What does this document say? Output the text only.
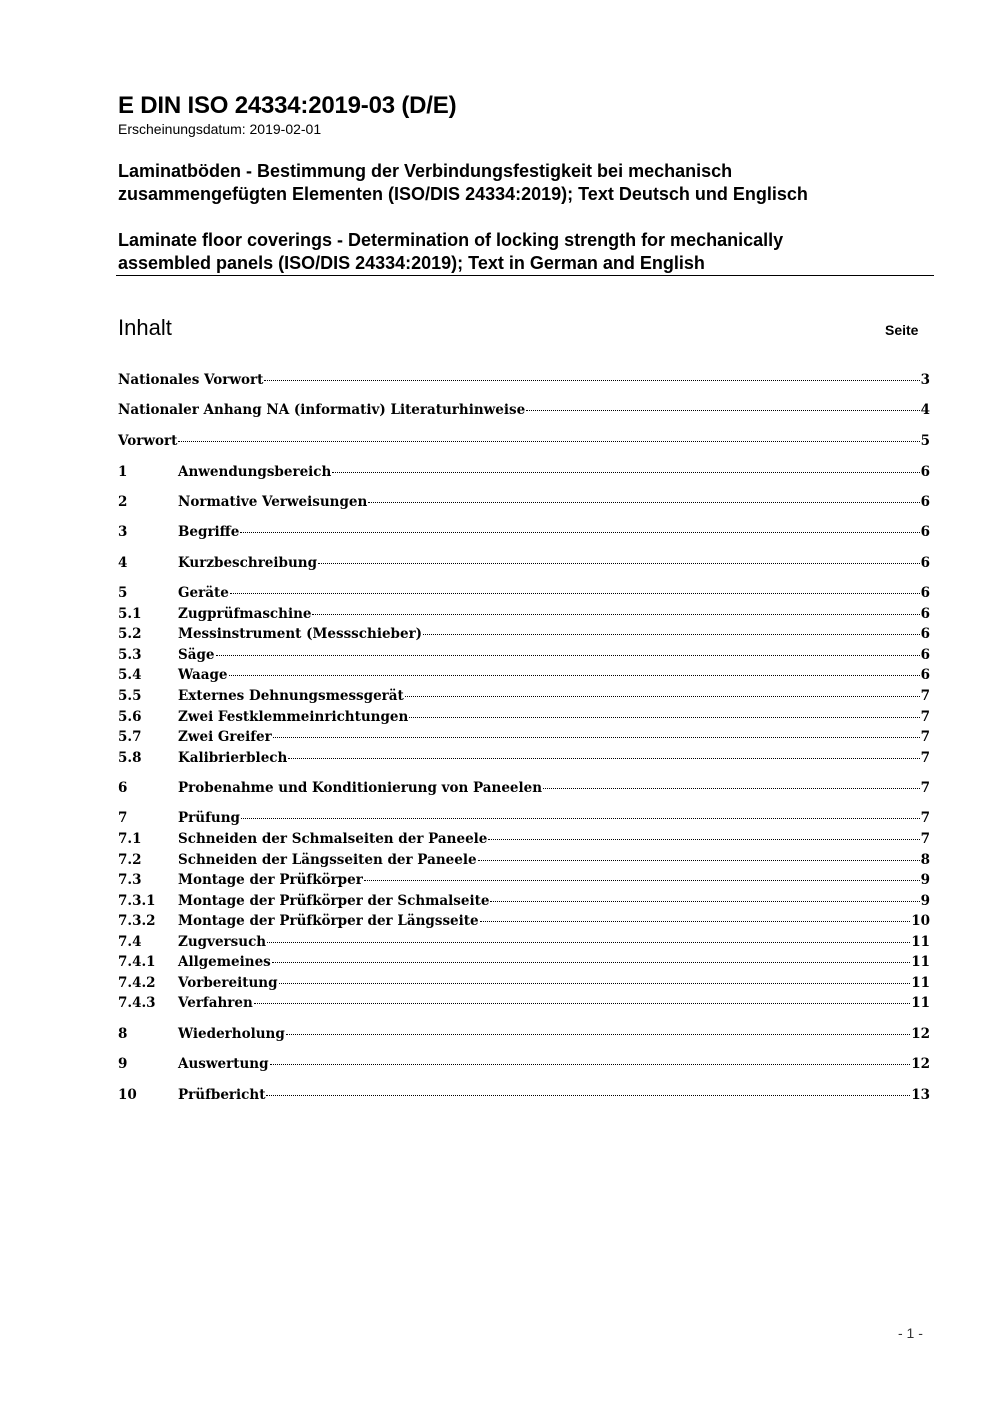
E DIN ISO 24334:2019-03 (D/E)
Erscheinungsdatum: 2019-02-01
Laminatböden - Bestimmung der Verbindungsfestigkeit bei mechanisch
zusammengefügten Elementen (ISO/DIS 24334:2019); Text Deutsch und Englisch
Laminate floor coverings - Determination of locking strength for mechanically
assembled panels (ISO/DIS 24334:2019); Text in German and English
Inhalt	Seite
Nationales Vorwort	3
Nationaler Anhang NA (informativ) Literaturhinweise	4
Vorwort	5
1	Anwendungsbereich	6
2	Normative Verweisungen	6
3	Begriffe	6
4	Kurzbeschreibung	6
5	Geräte	6
5.1	Zugprüfmaschine	6
5.2	Messinstrument (Messschieber)	6
5.3	Säge	6
5.4	Waage	6
5.5	Externes Dehnungsmessgerät	7
5.6	Zwei Festklemmeinrichtungen	7
5.7	Zwei Greifer	7
5.8	Kalibrierblech	7
6	Probenahme und Konditionierung von Paneelen	7
7	Prüfung	7
7.1	Schneiden der Schmalseiten der Paneele	7
7.2	Schneiden der Längsseiten der Paneele	8
7.3	Montage der Prüfkörper	9
7.3.1	Montage der Prüfkörper der Schmalseite	9
7.3.2	Montage der Prüfkörper der Längsseite	10
7.4	Zugversuch	11
7.4.1	Allgemeines	11
7.4.2	Vorbereitung	11
7.4.3	Verfahren	11
8	Wiederholung	12
9	Auswertung	12
10	Prüfbericht	13
- 1 -
